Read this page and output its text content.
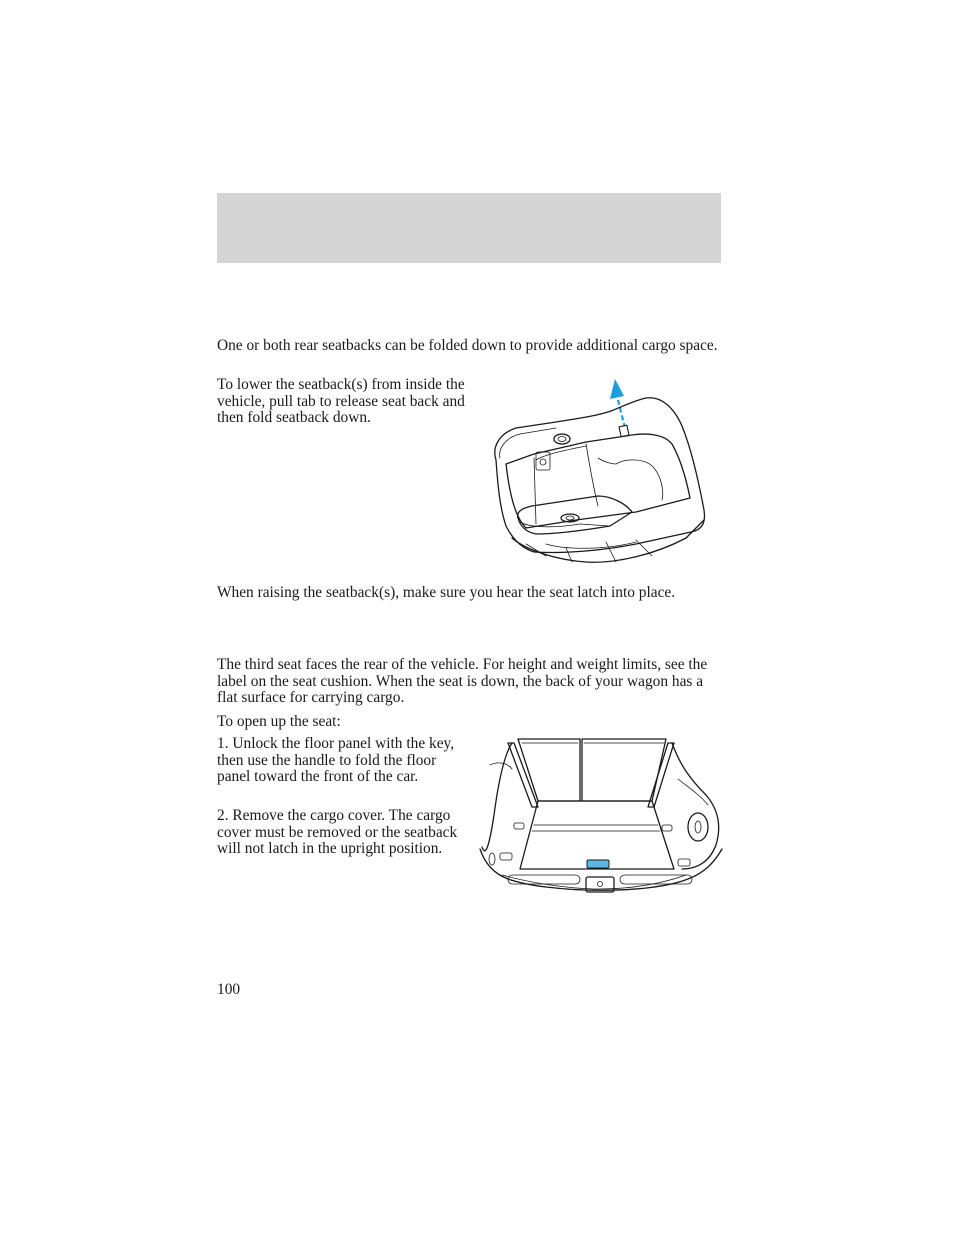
One or both rear seatbacks can be folded down to provide additional cargo space.

To lower the seatback(s) from inside the vehicle, pull tab to release seat back and then fold seatback down.

When raising the seatback(s), make sure you hear the seat latch into place.

The third seat faces the rear of the vehicle. For height and weight limits, see the label on the seat cushion. When the seat is down, the back of your wagon has a flat surface for carrying cargo.

To open up the seat:

1. Unlock the floor panel with the key, then use the handle to fold the floor panel toward the front of the car.

2. Remove the cargo cover. The cargo cover must be removed or the seatback will not latch in the upright position.

100
